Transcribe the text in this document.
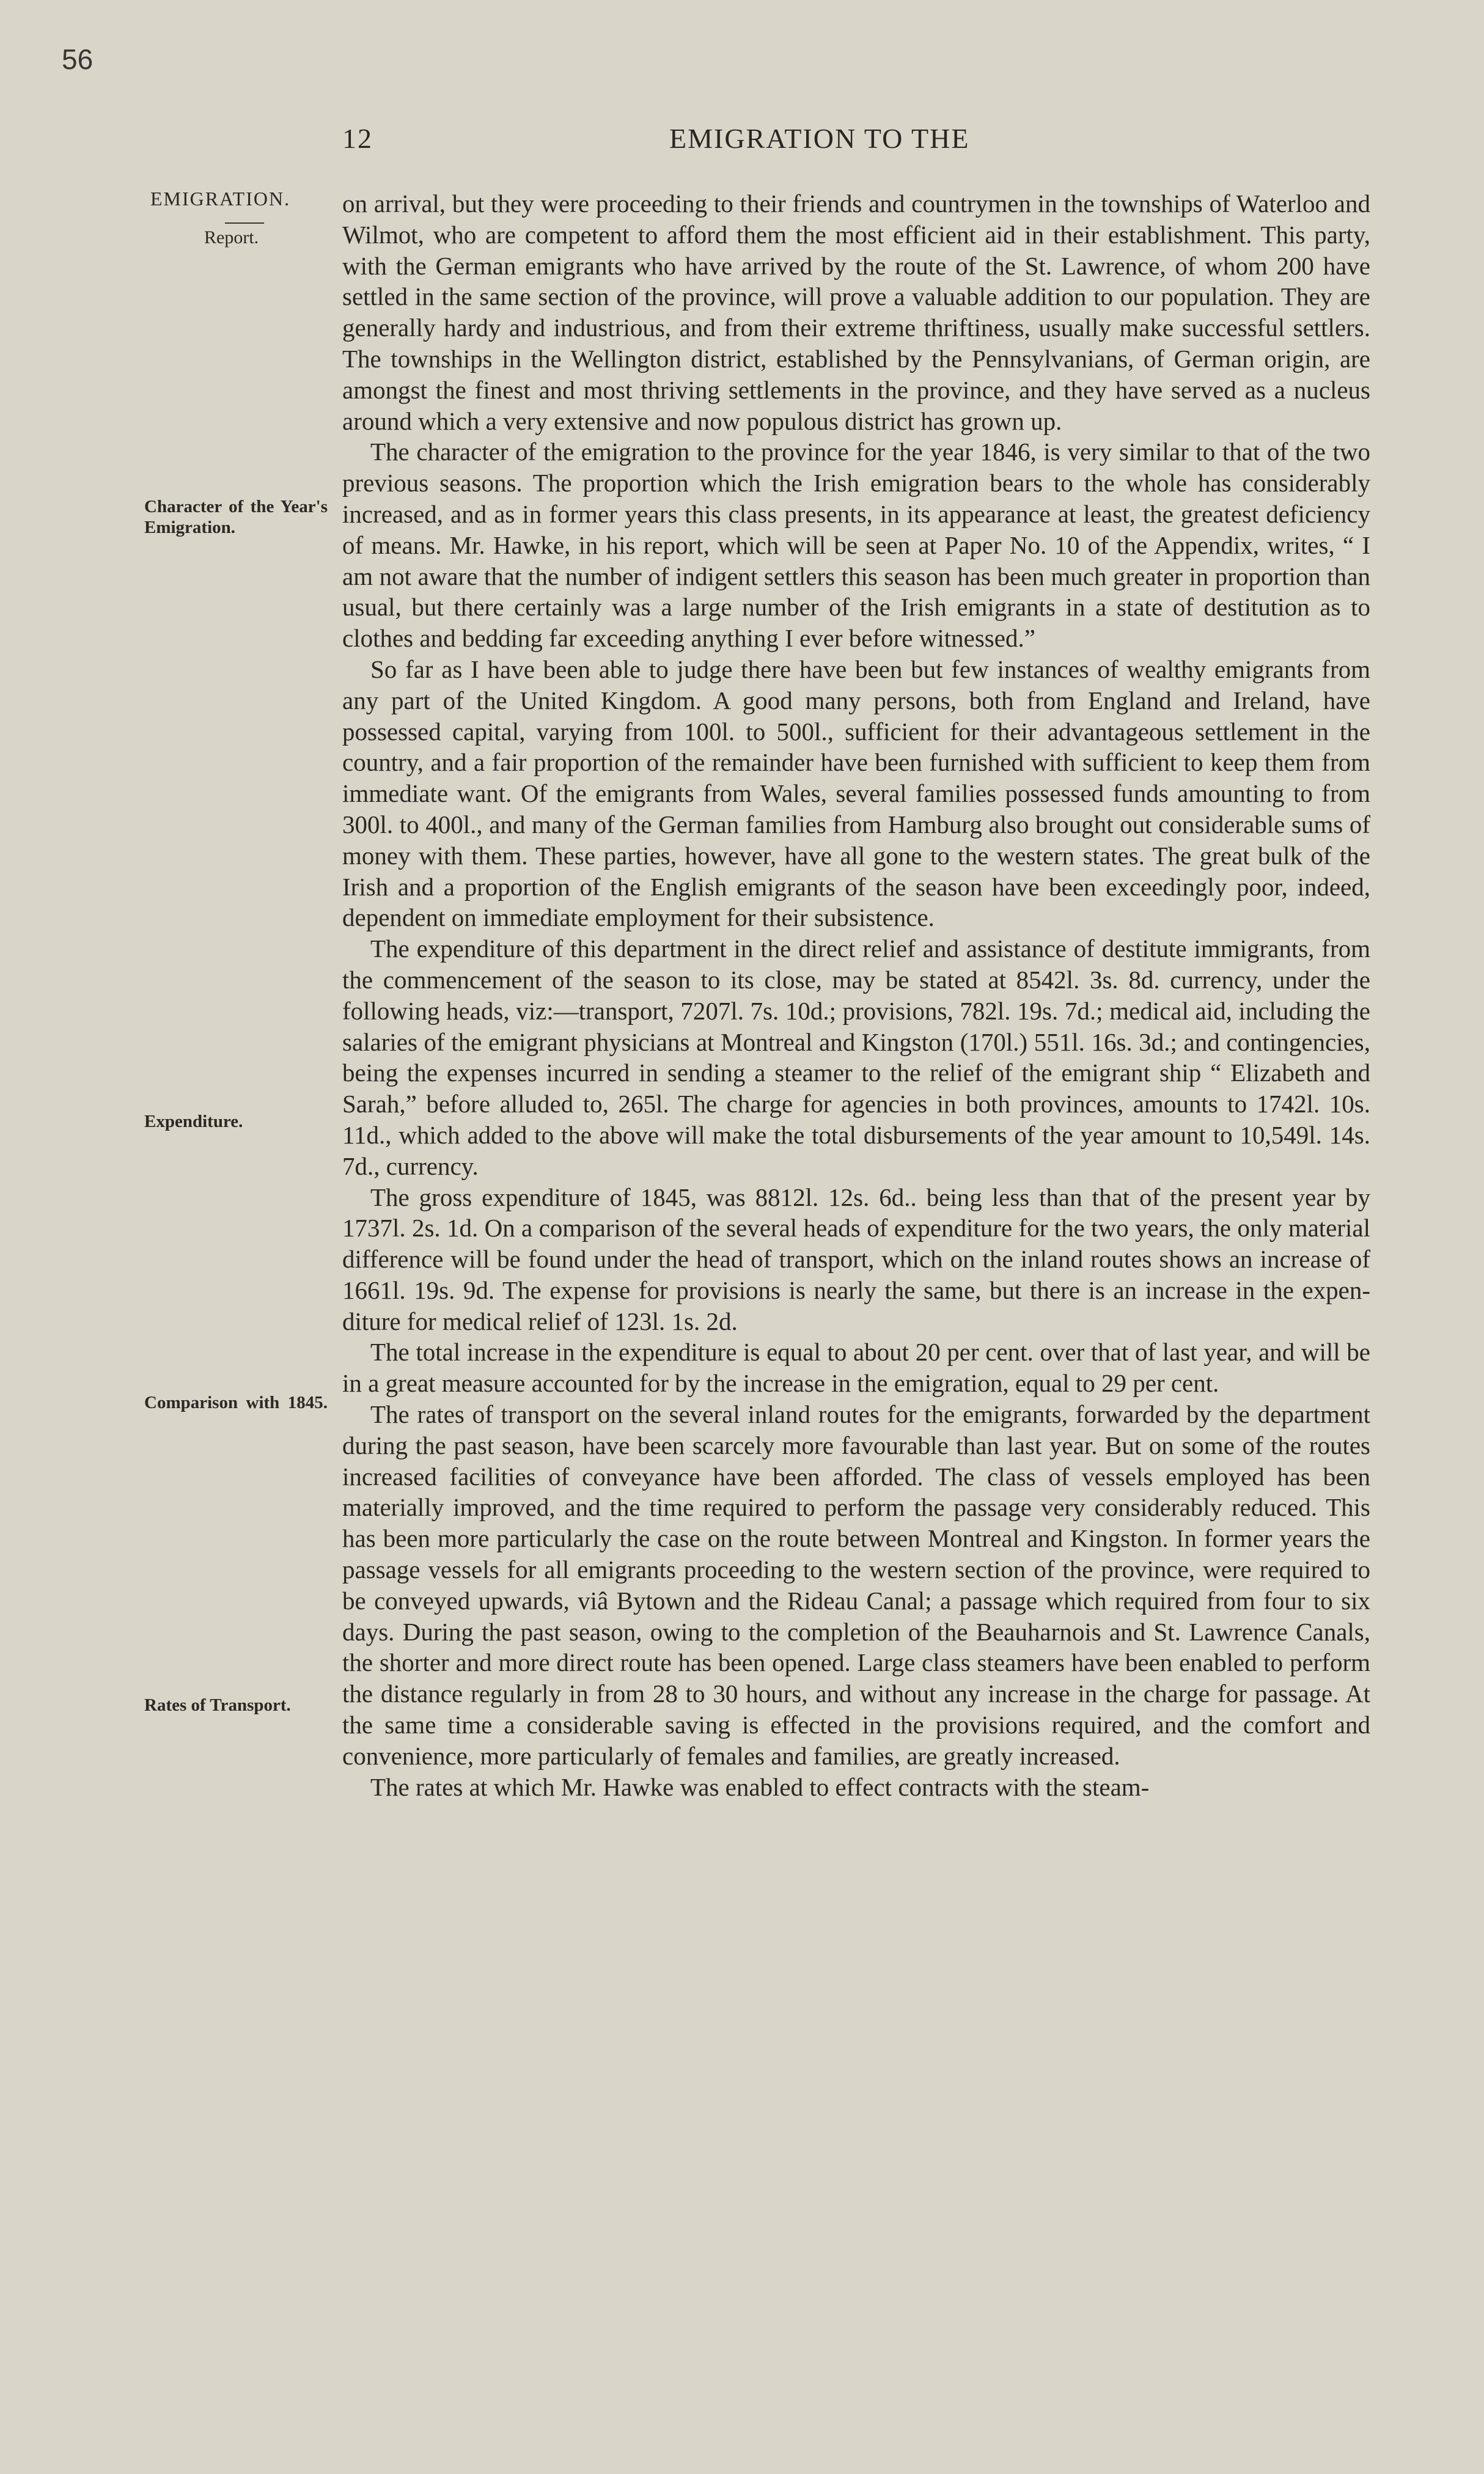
56
12	EMIGRATION TO THE
EMIGRATION.
Report.
Character of the Year's Emigration.
Expenditure.
Comparison with 1845.
Rates of Transport.

on arrival, but they were proceeding to their friends and countrymen in the townships of Waterloo and Wilmot, who are competent to afford them the most efficient aid in their establishment. This party, with the German emigrants who have arrived by the route of the St. Lawrence, of whom 200 have settled in the same section of the province, will prove a valuable addition to our population. They are generally hardy and industrious, and from their extreme thriftiness, usually make successful settlers. The townships in the Wellington district, established by the Pennsylvanians, of German origin, are amongst the finest and most thriving settlements in the province, and they have served as a nucleus around which a very extensive and now populous district has grown up.

The character of the emigration to the province for the year 1846, is very similar to that of the two previous seasons. The proportion which the Irish emigration bears to the whole has considerably increased, and as in former years this class presents, in its appearance at least, the greatest deficiency of means. Mr. Hawke, in his report, which will be seen at Paper No. 10 of the Appendix, writes, “ I am not aware that the number of indigent settlers this season has been much greater in proportion than usual, but there certainly was a large number of the Irish emigrants in a state of destitution as to clothes and bedding far exceeding anything I ever before witnessed.”

So far as I have been able to judge there have been but few instances of wealthy emigrants from any part of the United Kingdom. A good many persons, both from England and Ireland, have possessed capital, varying from 100l. to 500l., sufficient for their advantageous settlement in the country, and a fair proportion of the remainder have been furnished with sufficient to keep them from immediate want. Of the emigrants from Wales, several families possessed funds amounting to from 300l. to 400l., and many of the German families from Hamburg also brought out considerable sums of money with them. These parties, however, have all gone to the western states. The great bulk of the Irish and a proportion of the English emigrants of the season have been exceedingly poor, indeed, dependent on immediate employment for their subsistence.

The expenditure of this department in the direct relief and assistance of destitute immigrants, from the commencement of the season to its close, may be stated at 8542l. 3s. 8d. currency, under the following heads, viz:—transport, 7207l. 7s. 10d.; provisions, 782l. 19s. 7d.; medical aid, including the salaries of the emigrant physicians at Montreal and Kingston (170l.) 551l. 16s. 3d.; and contingencies, being the expenses incurred in sending a steamer to the relief of the emigrant ship “ Elizabeth and Sarah,” before alluded to, 265l. The charge for agencies in both provinces, amounts to 1742l. 10s. 11d., which added to the above will make the total disbursements of the year amount to 10,549l. 14s. 7d., currency.

The gross expenditure of 1845, was 8812l. 12s. 6d.. being less than that of the present year by 1737l. 2s. 1d. On a comparison of the several heads of expenditure for the two years, the only material difference will be found under the head of transport, which on the inland routes shows an increase of 1661l. 19s. 9d. The expense for provisions is nearly the same, but there is an increase in the expenditure for medical relief of 123l. 1s. 2d.

The total increase in the expenditure is equal to about 20 per cent. over that of last year, and will be in a great measure accounted for by the increase in the emigration, equal to 29 per cent.

The rates of transport on the several inland routes for the emigrants, forwarded by the department during the past season, have been scarcely more favourable than last year. But on some of the routes increased facilities of conveyance have been afforded. The class of vessels employed has been materially improved, and the time required to perform the passage very considerably reduced. This has been more particularly the case on the route between Montreal and Kingston. In former years the passage vessels for all emigrants proceeding to the western section of the province, were required to be conveyed upwards, viâ Bytown and the Rideau Canal; a passage which required from four to six days. During the past season, owing to the completion of the Beauharnois and St. Lawrence Canals, the shorter and more direct route has been opened. Large class steamers have been enabled to perform the distance regularly in from 28 to 30 hours, and without any increase in the charge for passage. At the same time a considerable saving is effected in the provisions required, and the comfort and convenience, more particularly of females and families, are greatly increased.

The rates at which Mr. Hawke was enabled to effect contracts with the steam-
